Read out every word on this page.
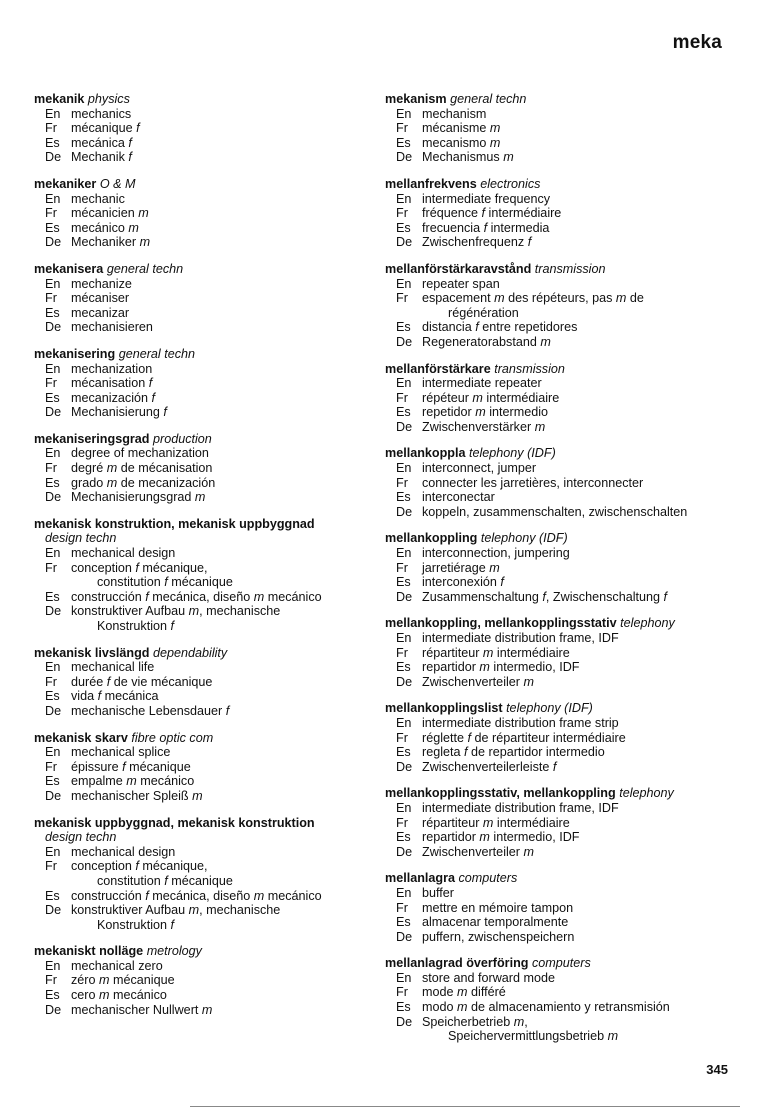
meka
mekanik physics
En mechanics
Fr	mécanique f
Es mecánica f
De Mechanik f
mekaniker O & M
En mechanic
Fr	mécanicien m
Es mecánico m
De Mechaniker m
mekanisera general techn
En mechanize
Fr	mécaniser
Es mecanizar
De mechanisieren
mekanisering general techn
En mechanization
Fr	mécanisation f
Es mecanización f
De Mechanisierung f
mekaniseringsgrad production
En degree of mechanization
Fr	degré m de mécanisation
Es grado m de mecanización
De Mechanisierungsgrad m
mekanisk konstruktion, mekanisk uppbyggnad
design techn
En mechanical design
Fr	conception f mécanique,
constitution f mécanique
Es construcción f mecánica, diseño m mecánico
De konstruktiver Aufbau m, mechanische
Konstruktion f
mekanisk livslängd dependability
En mechanical life
Fr	durée f de vie mécanique
Es vida f mecánica
De mechanische Lebensdauer f
mekanisk skarv fibre optic com
En mechanical splice
Fr	épissure f mécanique
Es empalme m mecánico
De mechanischer Spleiß m
mekanisk uppbyggnad, mekanisk konstruktion
design techn
En mechanical design
Fr	conception f mécanique,
constitution f mécanique
Es construcción f mecánica, diseño m mecánico
De konstruktiver Aufbau m, mechanische
Konstruktion f
mekaniskt nolläge metrology
En mechanical zero
Fr	zéro m mécanique
Es cero m mecánico
De mechanischer Nullwert m
mekanism general techn
En mechanism
Fr	mécanisme m
Es mecanismo m
De Mechanismus m
mellanfrekvens electronics
En intermediate frequency
Fr	fréquence f intermédiaire
Es frecuencia f intermedia
De Zwischenfrequenz f
mellanförstärkaravstånd transmission
En repeater span
Fr	espacement m des répéteurs, pas m de
régénération
Es distancia f entre repetidores
De Regeneratorabstand m
mellanförstärkare transmission
En intermediate repeater
Fr	répéteur m intermédiaire
Es repetidor m intermedio
De Zwischenverstärker m
mellankoppla telephony (IDF)
En interconnect, jumper
Fr	connecter les jarretières, interconnecter
Es interconectar
De koppeln, zusammenschalten, zwischenschalten
mellankoppling telephony (IDF)
En interconnection, jumpering
Fr	jarretiérage m
Es interconexión f
De Zusammenschaltung f, Zwischenschaltung f
mellankoppling, mellankopplingsstativ telephony
En intermediate distribution frame, IDF
Fr	répartiteur m intermédiaire
Es repartidor m intermedio, IDF
De Zwischenverteiler m
mellankopplingslist telephony (IDF)
En intermediate distribution frame strip
Fr	réglette f de répartiteur intermédiaire
Es regleta f de repartidor intermedio
De Zwischenverteilerleiste f
mellankopplingsstativ, mellankoppling telephony
En intermediate distribution frame, IDF
Fr	répartiteur m intermédiaire
Es repartidor m intermedio, IDF
De Zwischenverteiler m
mellanlagra computers
En buffer
Fr	mettre en mémoire tampon
Es almacenar temporalmente
De puffern, zwischenspeichern
mellanlagrad överföring computers
En store and forward mode
Fr	mode m différé
Es modo m de almacenamiento y retransmisión
De Speicherbetrieb m,
Speichervermittlungsbetrieb m
345
